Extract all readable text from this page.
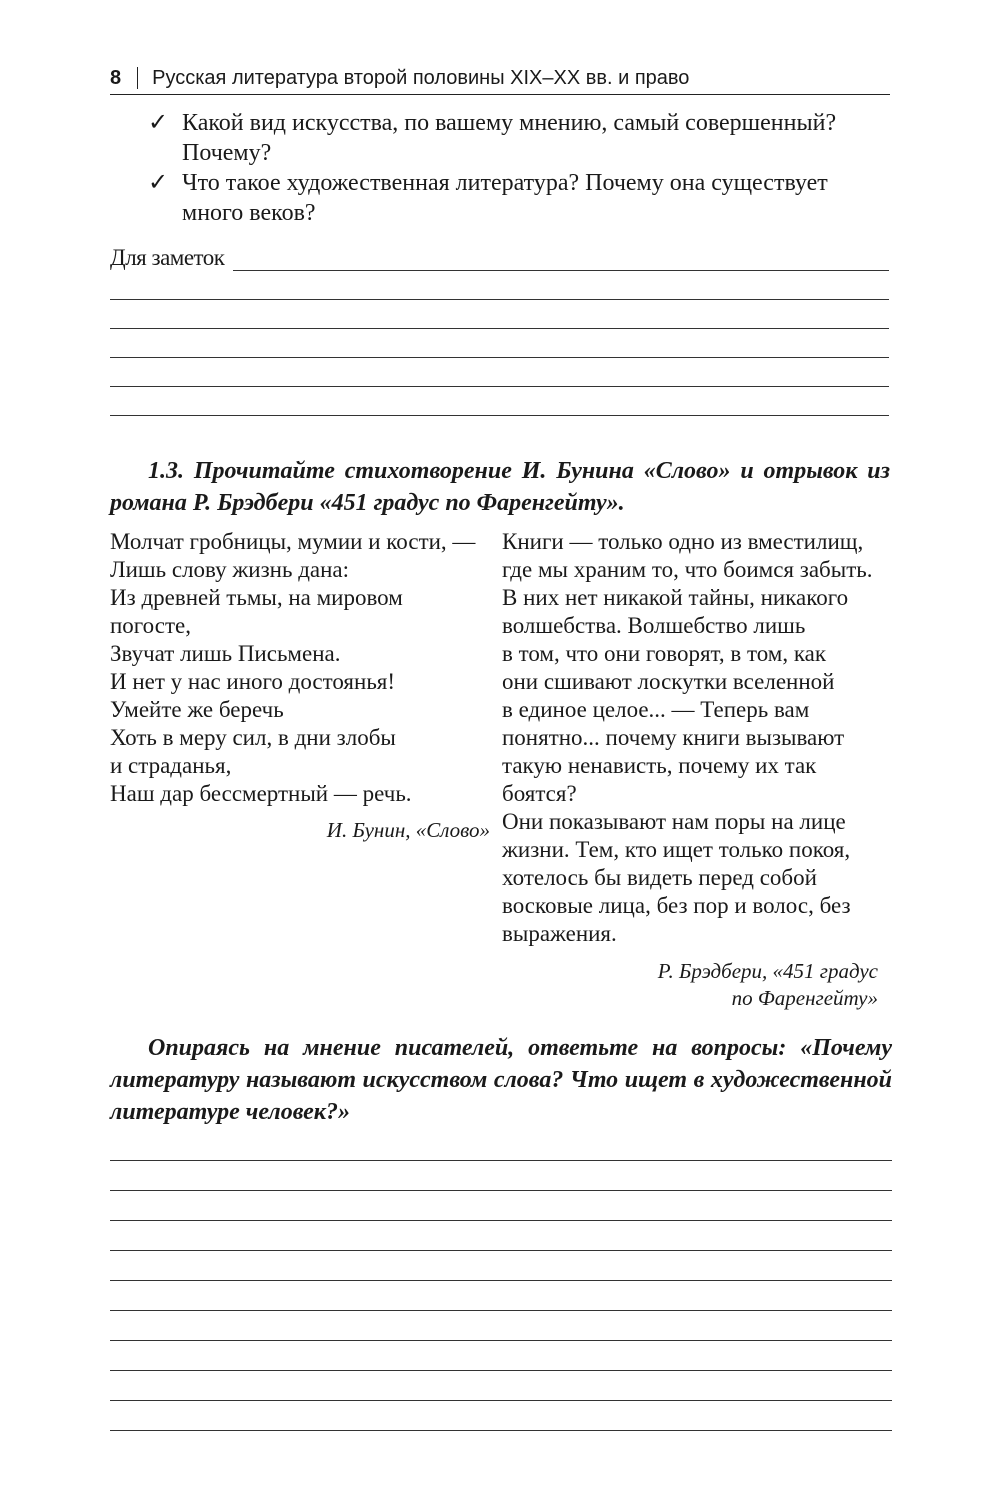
8 Русская литература второй половины XIX–XX вв. и право
✓ Какой вид искусства, по вашему мнению, самый совершенный?
Почему?
✓ Что такое художественная литература? Почему она существует
много веков?
Для заметок
1.3. Прочитайте стихотворение И. Бунина «Слово» и отрывок из романа Р. Брэдбери «451 градус по Фаренгейту».
Молчат гробницы, мумии и кости, —
Лишь слову жизнь дана:
Из древней тьмы, на мировом
погосте,
Звучат лишь Письмена.
И нет у нас иного достоянья!
Умейте же беречь
Хоть в меру сил, в дни злобы
и страданья,
Наш дар бессмертный — речь.
И. Бунин, «Слово»
Книги — только одно из вместилищ,
где мы храним то, что боимся забыть.
В них нет никакой тайны, никакого
волшебства. Волшебство лишь
в том, что они говорят, в том, как
они сшивают лоскутки вселенной
в единое целое... — Теперь вам
понятно... почему книги вызывают
такую ненависть, почему их так
боятся?
Они показывают нам поры на лице
жизни. Тем, кто ищет только покоя,
хотелось бы видеть перед собой
восковые лица, без пор и волос, без
выражения.
Р. Брэдбери, «451 градус
по Фаренгейту»
Опираясь на мнение писателей, ответьте на вопросы: «Почему литературу называют искусством слова? Что ищет в художественной литературе человек?»
